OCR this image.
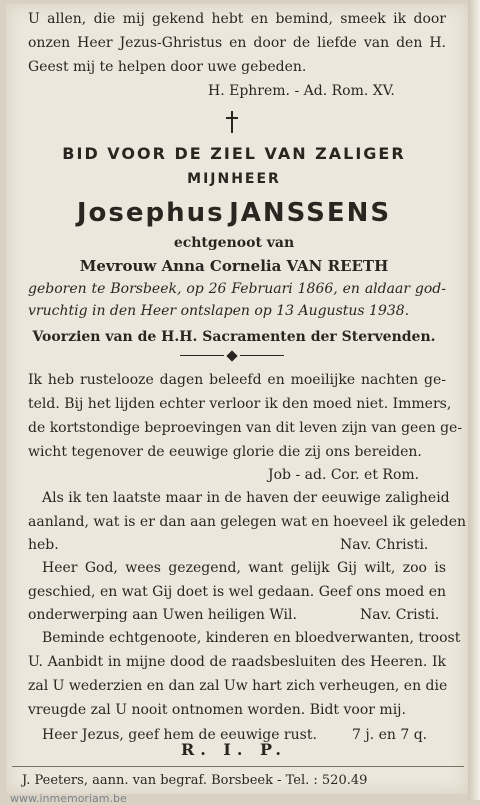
U allen, die mij gekend hebt en bemind, smeek ik door

onzen Heer Jezus-Ghristus en door de liefde van den H.

Geest mij te helpen door uwe gebeden.

H. Ephrem. - Ad. Rom. XV.

BID VOOR DE ZIEL VAN ZALIGER

MIJNHEER

Josephus JANSSENS

echtgenoot van

Mevrouw Anna Cornelia VAN REETH

geboren te Borsbeek, op 26 Februari 1866, en aldaar god-

vruchtig in den Heer ontslapen op 13 Augustus 1938.

Voorzien van de H.H. Sacramenten der Stervenden.

Ik heb rustelooze dagen beleefd en moeilijke nachten ge-

teld. Bij het lijden echter verloor ik den moed niet. Immers,

de kortstondige beproevingen van dit leven zijn van geen ge-

wicht tegenover de eeuwige glorie die zij ons bereiden.

Job - ad. Cor. et Rom.

Als ik ten laatste maar in de haven der eeuwige zaligheid

aanland, wat is er dan aan gelegen wat en hoeveel ik geleden

heb.	Nav. Christi.

Heer God, wees gezegend, want gelijk Gij wilt, zoo is

geschied, en wat Gij doet is wel gedaan. Geef ons moed en

onderwerping aan Uwen heiligen Wil.	Nav. Cristi.

Beminde echtgenoote, kinderen en bloedverwanten, troost

U. Aanbidt in mijne dood de raadsbesluiten des Heeren. Ik

zal U wederzien en dan zal Uw hart zich verheugen, en die

vreugde zal U nooit ontnomen worden. Bidt voor mij.

Heer Jezus, geef hem de eeuwige rust.	7 j. en 7 q.

R. I. P.

J. Peeters, aann. van begraf. Borsbeek - Tel. : 520.49

www.inmemoriam.be
